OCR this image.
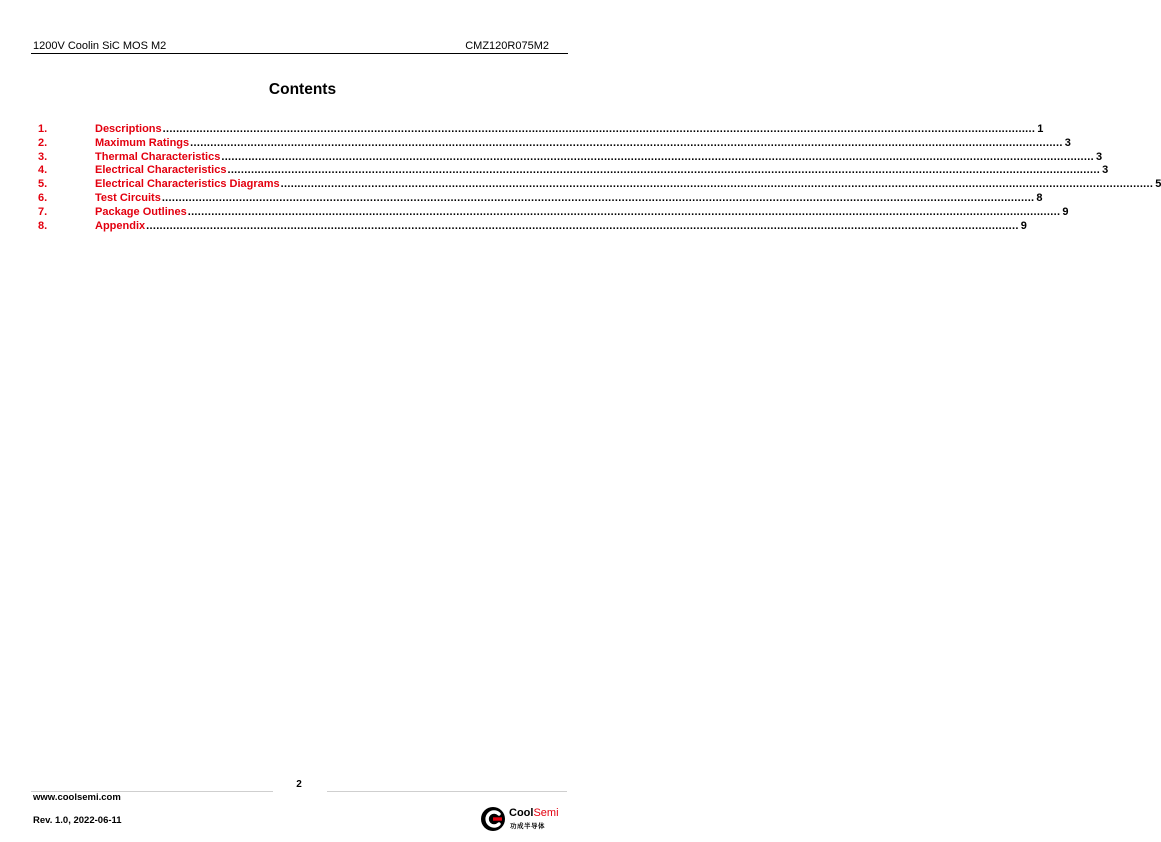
1200V Coolin SiC MOS M2	CMZ120R075M2
Contents
1.	Descriptions .................................................................................................................................................................................................................................................................... 1
2.	Maximum Ratings .................................................................................................................................................................................................................................................................... 3
3.	Thermal Characteristics .................................................................................................................................................................................................................................................................... 3
4.	Electrical Characteristics .................................................................................................................................................................................................................................................................... 3
5.	Electrical Characteristics Diagrams .................................................................................................................................................................................................................................................................... 5
6.	Test Circuits .................................................................................................................................................................................................................................................................... 8
7.	Package Outlines .................................................................................................................................................................................................................................................................... 9
8.	Appendix .................................................................................................................................................................................................................................................................... 9
2
www.coolsemi.com
Rev. 1.0, 2022-06-11
CoolSemi
功成半导体
